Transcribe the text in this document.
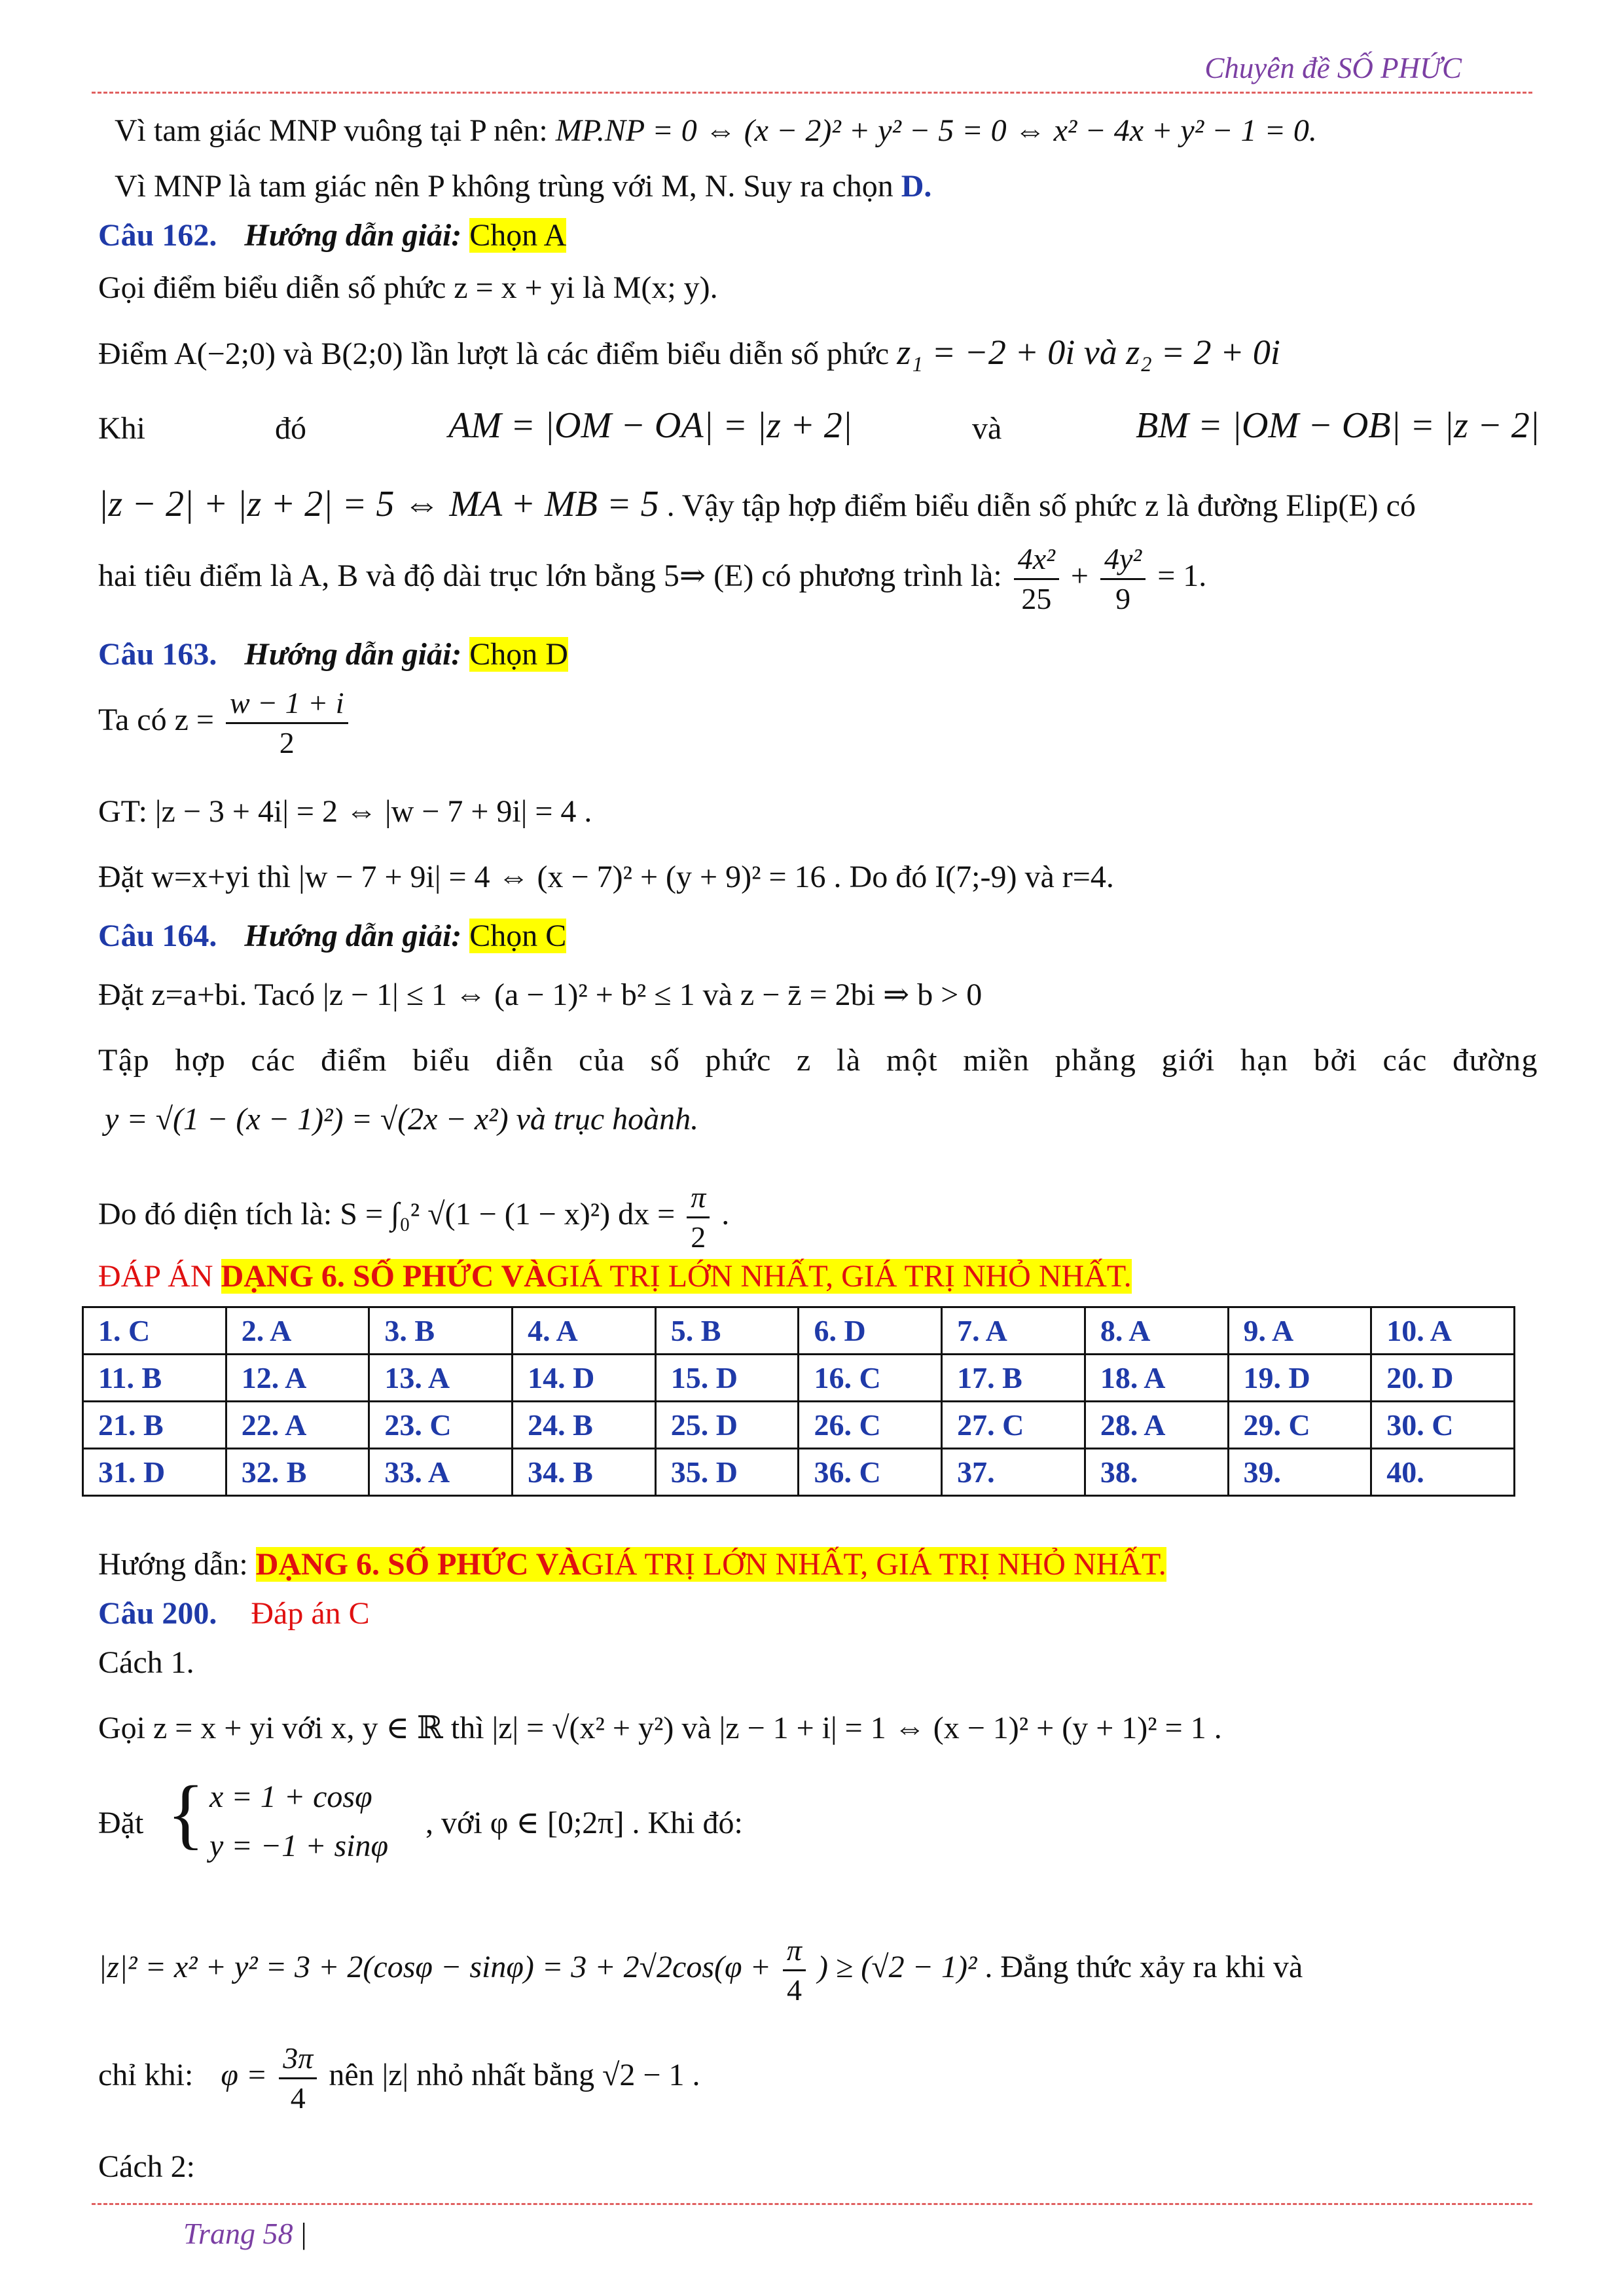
Chuyên đề SỐ PHỨC
Vì tam giác MNP vuông tại P nên: MP.NP = 0 ⇔ (x − 2)² + y² − 5 = 0 ⇔ x² − 4x + y² − 1 = 0.
Vì MNP là tam giác nên P không trùng với M, N. Suy ra chọn D.
Câu 162. Hướng dẫn giải: Chọn A
Gọi điểm biểu diễn số phức z = x + yi là M(x; y).
Điểm A(−2;0) và B(2;0) lần lượt là các điểm biểu diễn số phức z₁ = −2 + 0i và z₂ = 2 + 0i
Khi	đó	AM = |OM − OA| = |z + 2|	và	BM = |OM − OB| = |z − 2|
|z − 2| + |z + 2| = 5 ⇔ MA + MB = 5 . Vậy tập hợp điểm biểu diễn số phức z là đường Elip(E) có
hai tiêu điểm là A, B và độ dài trục lớn bằng 5⇒ (E) có phương trình là: $\frac{\text{4x²}}{25} + \frac{\text{4y²}}{9} = 1$.
Câu 163. Hướng dẫn giải: Chọn D
Ta có $z = \frac{w - 1 + i}{2}$
GT: |z − 3 + 4i| = 2 ⇔ |w − 7 + 9i| = 4 .
Đặt w=x+yi thì |w − 7 + 9i| = 4 ⇔ (x − 7)² + (y + 9)² = 16 . Do đó I(7;-9) và r=4.
Câu 164. Hướng dẫn giải: Chọn C
Đặt z=a+bi. Tacó |z − 1| ≤ 1 ⇔ (a − 1)² + b² ≤ 1 và z − z̄ = 2bi ⇒ b > 0
Tập hợp các điểm biểu diễn của số phức z là một miền phẳng giới hạn bởi các đường
y = √(1 − (x − 1)²) = √(2x − x²) và trục hoành.
Do đó diện tích là: S = ∫₀² √(1 − (1 − x)²) dx = $\frac{\pi}{2}$ .
ĐÁP ÁN DẠNG 6. SỐ PHỨC VÀGIÁ TRỊ LỚN NHẤT, GIÁ TRỊ NHỎ NHẤT.
Hướng dẫn: DẠNG 6. SỐ PHỨC VÀGIÁ TRỊ LỚN NHẤT, GIÁ TRỊ NHỎ NHẤT.
Câu 200. Đáp án C
Cách 1.
Gọi z = x + yi với x, y ∈ ℝ thì |z| = √(x² + y²) và |z − 1 + i| = 1 ⇔ (x − 1)² + (y + 1)² = 1 .
Đặt { x = 1 + cosφ
y = −1 + sinφ
, với φ ∈ [0;2π] . Khi đó:
$|z|^2 = x^2 + y^2 = 3 + 2(\cos\varphi - \sin\varphi) = 3 + 2√2\cos(\varphi + \frac{\pi}{4}$ ) ≥ (√2 − 1)² . Đẳng thức xảy ra khi và
chỉ khi: $\varphi = \frac{3\pi}{4}$ nên |z| nhỏ nhất bằng √2 − 1 .
Cách 2:
1. C	2. A	3. B	4. A	5. B	6. D	7. A	8. A	9. A	10. A
11. B	12. A	13. A	14. D	15. D	16. C	17. B	18. A	19. D	20. D
21. B	22. A	23. C	24. B	25. D	26. C	27. C	28. A	29. C	30. C
31. D	32. B	33. A	34. B	35. D	36. C	37.	38.	39.	40.
Trang 58 |
